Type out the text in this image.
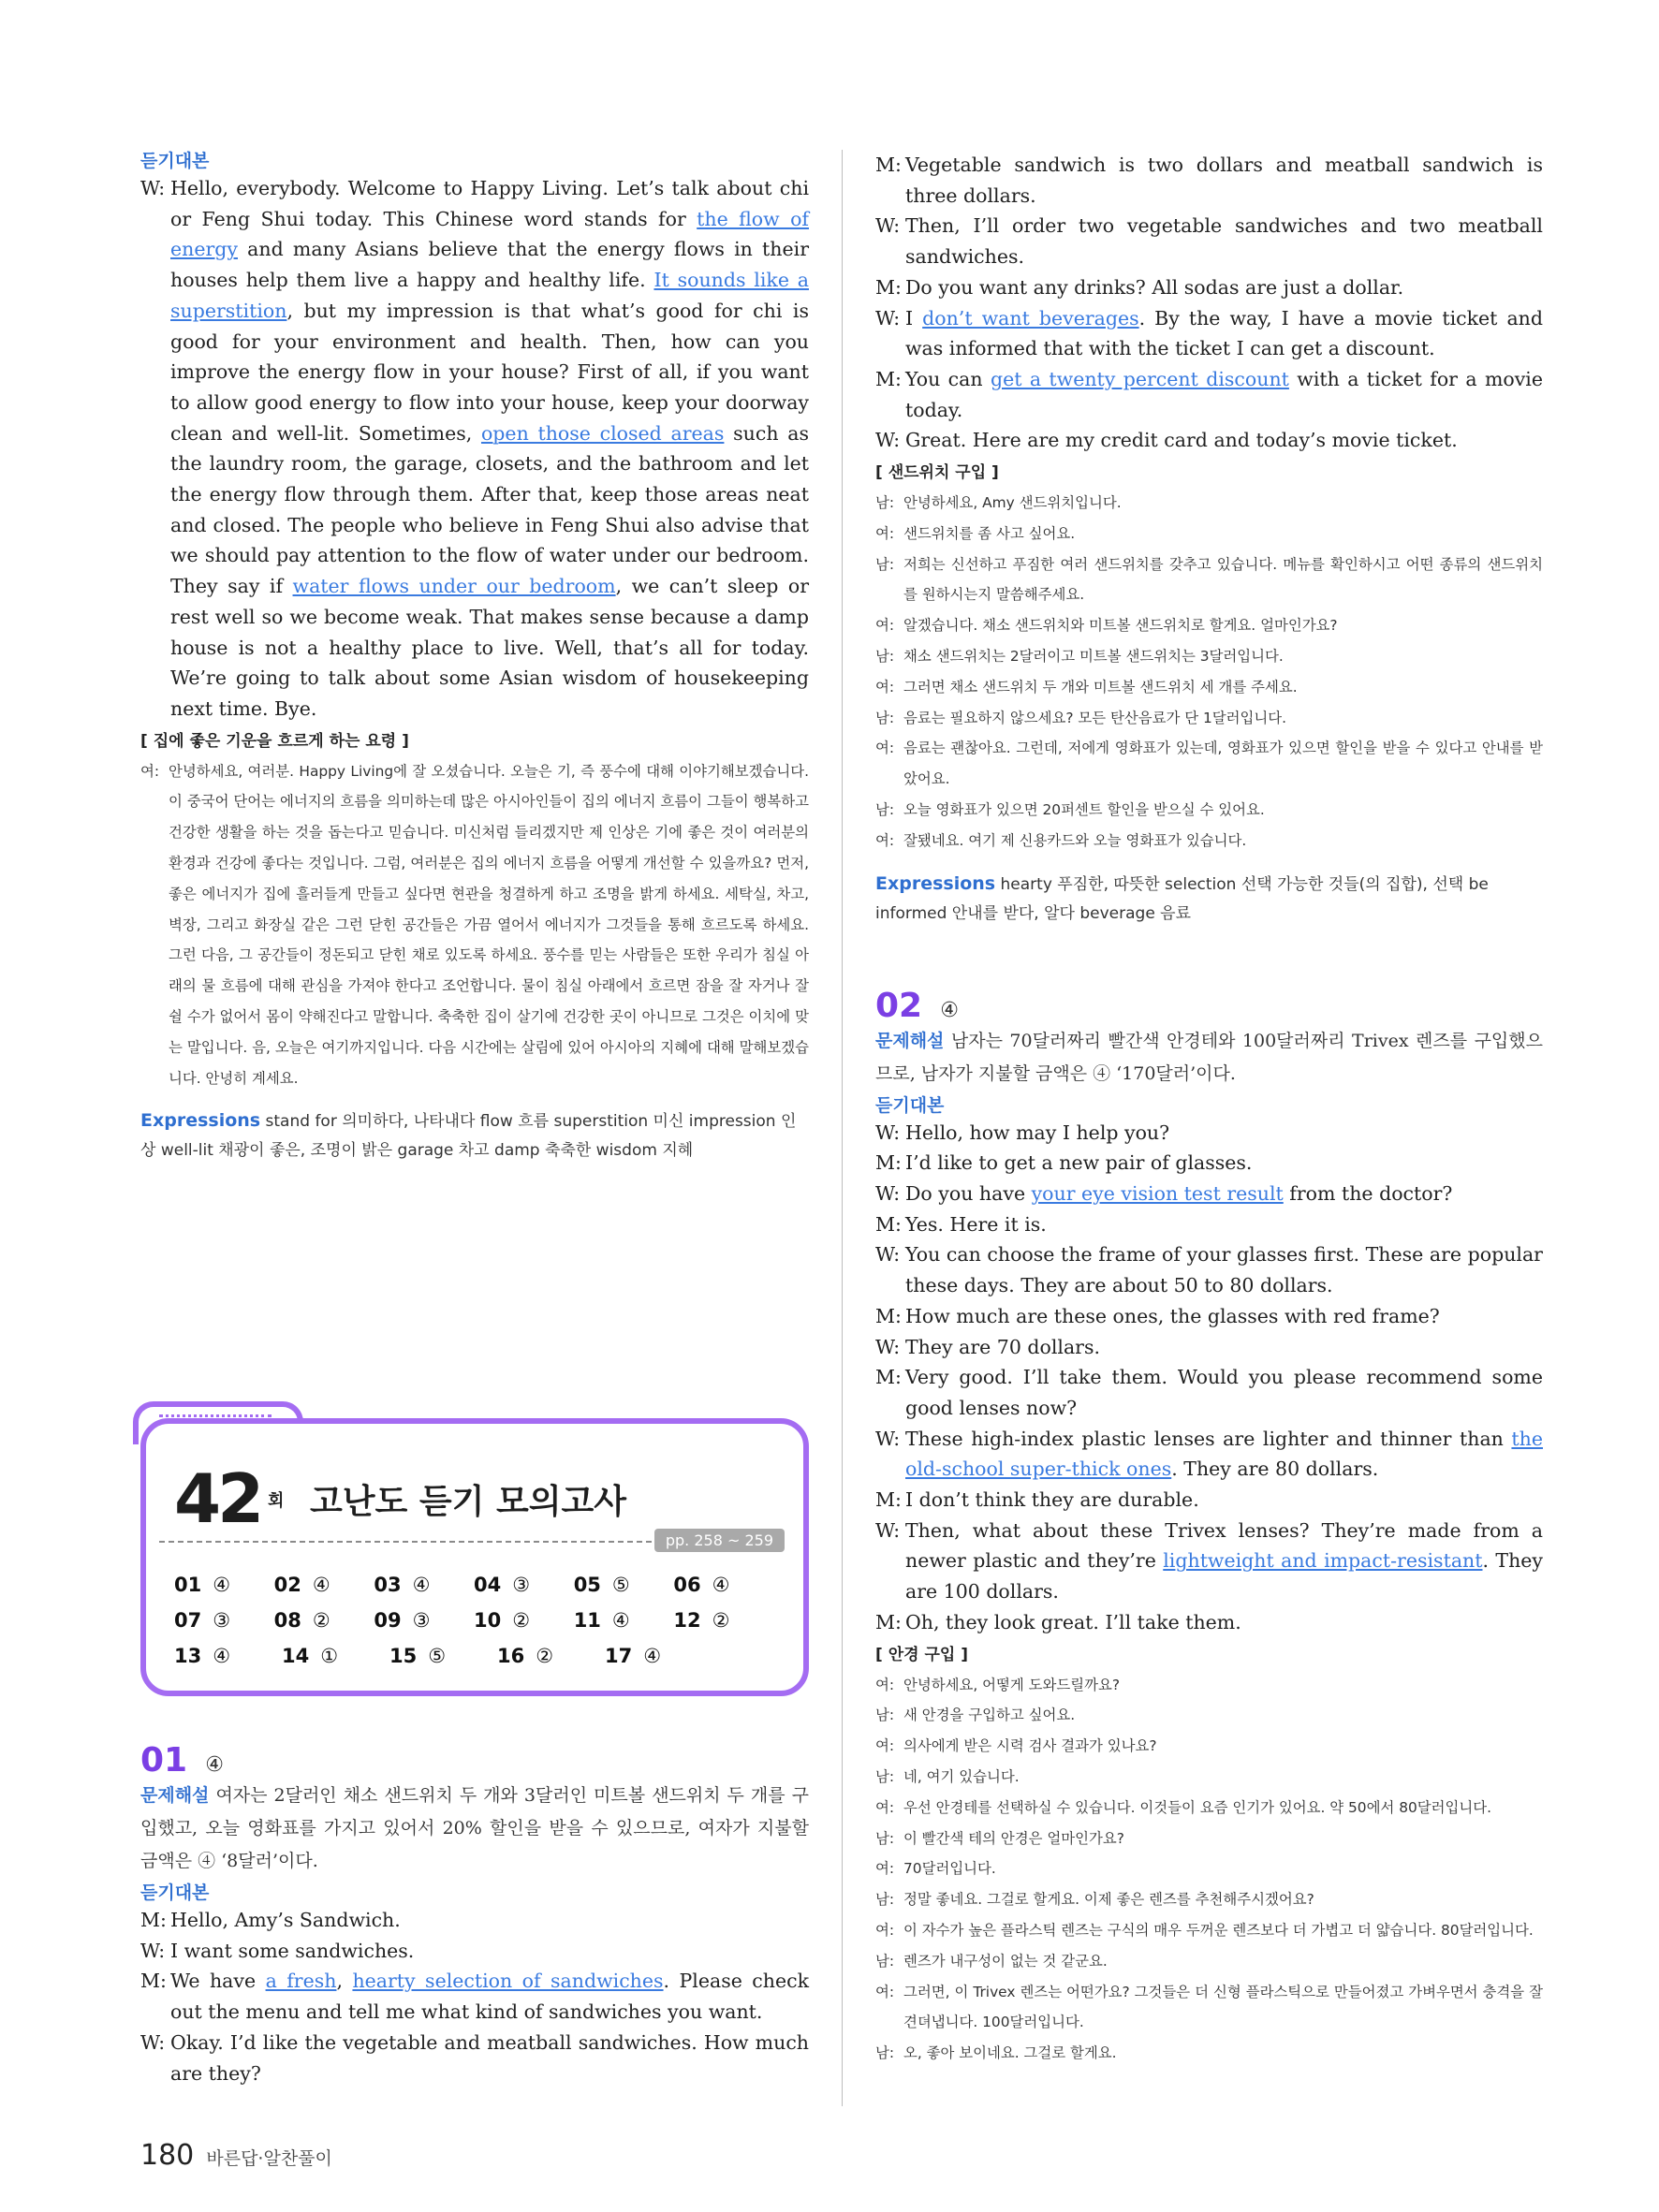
듣기대본
W: Hello, everybody. Welcome to Happy Living. Let’s talk about chi or Feng Shui today. This Chinese word stands for the flow of energy and many Asians believe that the energy flows in their houses help them live a happy and healthy life. It sounds like a superstition, but my impression is that what’s good for chi is good for your environment and health. Then, how can you improve the energy flow in your house? First of all, if you want to allow good energy to flow into your house, keep your doorway clean and well-lit. Sometimes, open those closed areas such as the laundry room, the garage, closets, and the bathroom and let the energy flow through them. After that, keep those areas neat and closed. The people who believe in Feng Shui also advise that we should pay attention to the flow of water under our bedroom. They say if water flows under our bedroom, we can’t sleep or rest well so we become weak. That makes sense because a damp house is not a healthy place to live. Well, that’s all for today. We’re going to talk about some Asian wisdom of housekeeping next time. Bye.
[ 집에 좋은 기운을 흐르게 하는 요령 ]
여: 안녕하세요, 여러분. Happy Living에 잘 오셨습니다. 오늘은 기, 즉 풍수에 대해 이야기해보겠습니다. 이 중국어 단어는 에너지의 흐름을 의미하는데 많은 아시아인들이 집의 에너지 흐름이 그들이 행복하고 건강한 생활을 하는 것을 돕는다고 믿습니다. 미신처럼 들리겠지만 제 인상은 기에 좋은 것이 여러분의 환경과 건강에 좋다는 것입니다. 그럼, 여러분은 집의 에너지 흐름을 어떻게 개선할 수 있을까요? 먼저, 좋은 에너지가 집에 흘러들게 만들고 싶다면 현관을 청결하게 하고 조명을 밝게 하세요. 세탁실, 차고, 벽장, 그리고 화장실 같은 그런 닫힌 공간들은 가끔 열어서 에너지가 그것들을 통해 흐르도록 하세요. 그런 다음, 그 공간들이 정돈되고 닫힌 채로 있도록 하세요. 풍수를 믿는 사람들은 또한 우리가 침실 아래의 물 흐름에 대해 관심을 가져야 한다고 조언합니다. 물이 침실 아래에서 흐르면 잠을 잘 자거나 잘 쉴 수가 없어서 몸이 약해진다고 말합니다. 축축한 집이 살기에 건강한 곳이 아니므로 그것은 이치에 맞는 말입니다. 음, 오늘은 여기까지입니다. 다음 시간에는 살림에 있어 아시아의 지혜에 대해 말해보겠습니다. 안녕히 계세요.
Expressions stand for 의미하다, 나타내다 flow 흐름 superstition 미신 impression 인상 well-lit 채광이 좋은, 조명이 밝은 garage 차고 damp 축축한 wisdom 지혜
42 회 고난도 듣기 모의고사
pp. 258 ~ 259
01 ④	02 ④	03 ④	04 ③	05 ⑤	06 ④
07 ③	08 ②	09 ③	10 ②	11 ④	12 ②
13 ④	14 ①	15 ⑤	16 ②	17 ④
01 ④
문제해설 여자는 2달러인 채소 샌드위치 두 개와 3달러인 미트볼 샌드위치 두 개를 구입했고, 오늘 영화표를 가지고 있어서 20% 할인을 받을 수 있으므로, 여자가 지불할 금액은 ④ ‘8달러’이다.
듣기대본
M: Hello, Amy’s Sandwich.
W: I want some sandwiches.
M: We have a fresh, hearty selection of sandwiches. Please check out the menu and tell me what kind of sandwiches you want.
W: Okay. I’d like the vegetable and meatball sandwiches. How much are they?
M: Vegetable sandwich is two dollars and meatball sandwich is three dollars.
W: Then, I’ll order two vegetable sandwiches and two meatball sandwiches.
M: Do you want any drinks? All sodas are just a dollar.
W: I don’t want beverages. By the way, I have a movie ticket and was informed that with the ticket I can get a discount.
M: You can get a twenty percent discount with a ticket for a movie today.
W: Great. Here are my credit card and today’s movie ticket.
[ 샌드위치 구입 ]
남: 안녕하세요, Amy 샌드위치입니다.
여: 샌드위치를 좀 사고 싶어요.
남: 저희는 신선하고 푸짐한 여러 샌드위치를 갖추고 있습니다. 메뉴를 확인하시고 어떤 종류의 샌드위치를 원하시는지 말씀해주세요.
여: 알겠습니다. 채소 샌드위치와 미트볼 샌드위치로 할게요. 얼마인가요?
남: 채소 샌드위치는 2달러이고 미트볼 샌드위치는 3달러입니다.
여: 그러면 채소 샌드위치 두 개와 미트볼 샌드위치 세 개를 주세요.
남: 음료는 필요하지 않으세요? 모든 탄산음료가 단 1달러입니다.
여: 음료는 괜찮아요. 그런데, 저에게 영화표가 있는데, 영화표가 있으면 할인을 받을 수 있다고 안내를 받았어요.
남: 오늘 영화표가 있으면 20퍼센트 할인을 받으실 수 있어요.
여: 잘됐네요. 여기 제 신용카드와 오늘 영화표가 있습니다.
Expressions hearty 푸짐한, 따뜻한 selection 선택 가능한 것들(의 집합), 선택 be informed 안내를 받다, 알다 beverage 음료
02 ④
문제해설 남자는 70달러짜리 빨간색 안경테와 100달러짜리 Trivex 렌즈를 구입했으므로, 남자가 지불할 금액은 ④ ‘170달러’이다.
듣기대본
W: Hello, how may I help you?
M: I’d like to get a new pair of glasses.
W: Do you have your eye vision test result from the doctor?
M: Yes. Here it is.
W: You can choose the frame of your glasses first. These are popular these days. They are about 50 to 80 dollars.
M: How much are these ones, the glasses with red frame?
W: They are 70 dollars.
M: Very good. I’ll take them. Would you please recommend some good lenses now?
W: These high-index plastic lenses are lighter and thinner than the old-school super-thick ones. They are 80 dollars.
M: I don’t think they are durable.
W: Then, what about these Trivex lenses? They’re made from a newer plastic and they’re lightweight and impact-resistant. They are 100 dollars.
M: Oh, they look great. I’ll take them.
[ 안경 구입 ]
여: 안녕하세요, 어떻게 도와드릴까요?
남: 새 안경을 구입하고 싶어요.
여: 의사에게 받은 시력 검사 결과가 있나요?
남: 네, 여기 있습니다.
여: 우선 안경테를 선택하실 수 있습니다. 이것들이 요즘 인기가 있어요. 약 50에서 80달러입니다.
남: 이 빨간색 테의 안경은 얼마인가요?
여: 70달러입니다.
남: 정말 좋네요. 그걸로 할게요. 이제 좋은 렌즈를 추천해주시겠어요?
여: 이 자수가 높은 플라스틱 렌즈는 구식의 매우 두꺼운 렌즈보다 더 가볍고 더 얇습니다. 80달러입니다.
남: 렌즈가 내구성이 없는 것 같군요.
여: 그러면, 이 Trivex 렌즈는 어떤가요? 그것들은 더 신형 플라스틱으로 만들어졌고 가벼우면서 충격을 잘 견뎌냅니다. 100달러입니다.
남: 오, 좋아 보이네요. 그걸로 할게요.
180 바른답·알찬풀이
